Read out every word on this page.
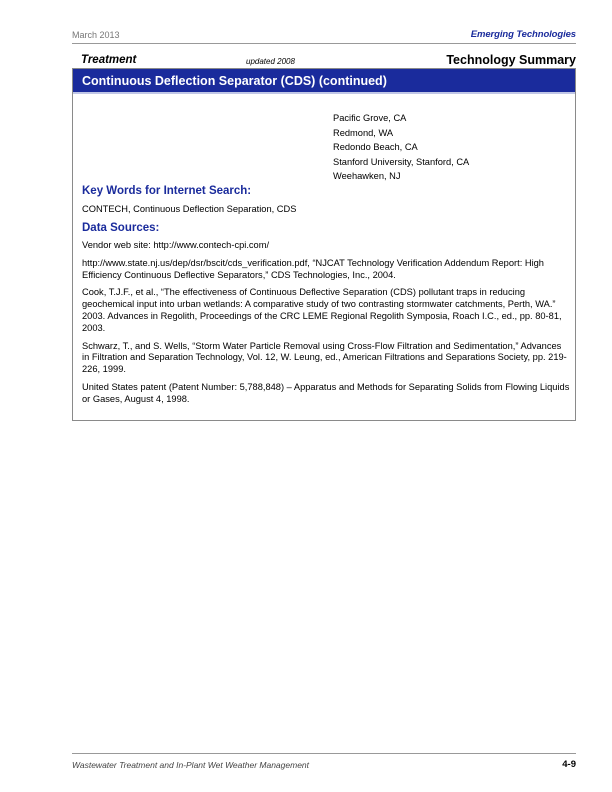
March 2013	Emerging Technologies
Treatment	updated 2008	Technology Summary
Continuous Deflection Separator (CDS) (continued)
Pacific Grove, CA
Redmond, WA
Redondo Beach, CA
Stanford University, Stanford, CA
Weehawken, NJ
Key Words for Internet Search:
CONTECH, Continuous Deflection Separation, CDS
Data Sources:

Vendor web site: http://www.contech-cpi.com/

http://www.state.nj.us/dep/dsr/bscit/cds_verification.pdf, “NJCAT Technology Verification Addendum Report: High Efficiency Continuous Deflective Separators,” CDS Technologies, Inc., 2004.

Cook, T.J.F., et al., “The effectiveness of Continuous Deflective Separation (CDS) pollutant traps in reducing geochemical input into urban wetlands: A comparative study of two contrasting stormwater catchments, Perth, WA.” 2003. Advances in Regolith, Proceedings of the CRC LEME Regional Regolith Symposia, Roach I.C., ed., pp. 80-81, 2003.

Schwarz, T., and S. Wells, “Storm Water Particle Removal using Cross-Flow Filtration and Sedimentation,” Advances in Filtration and Separation Technology, Vol. 12, W. Leung, ed., American Filtrations and Separations Society, pp. 219-226, 1999.

United States patent (Patent Number: 5,788,848) – Apparatus and Methods for Separating Solids from Flowing Liquids or Gases, August 4, 1998.

Wastewater Treatment and In-Plant Wet Weather Management	4-9
